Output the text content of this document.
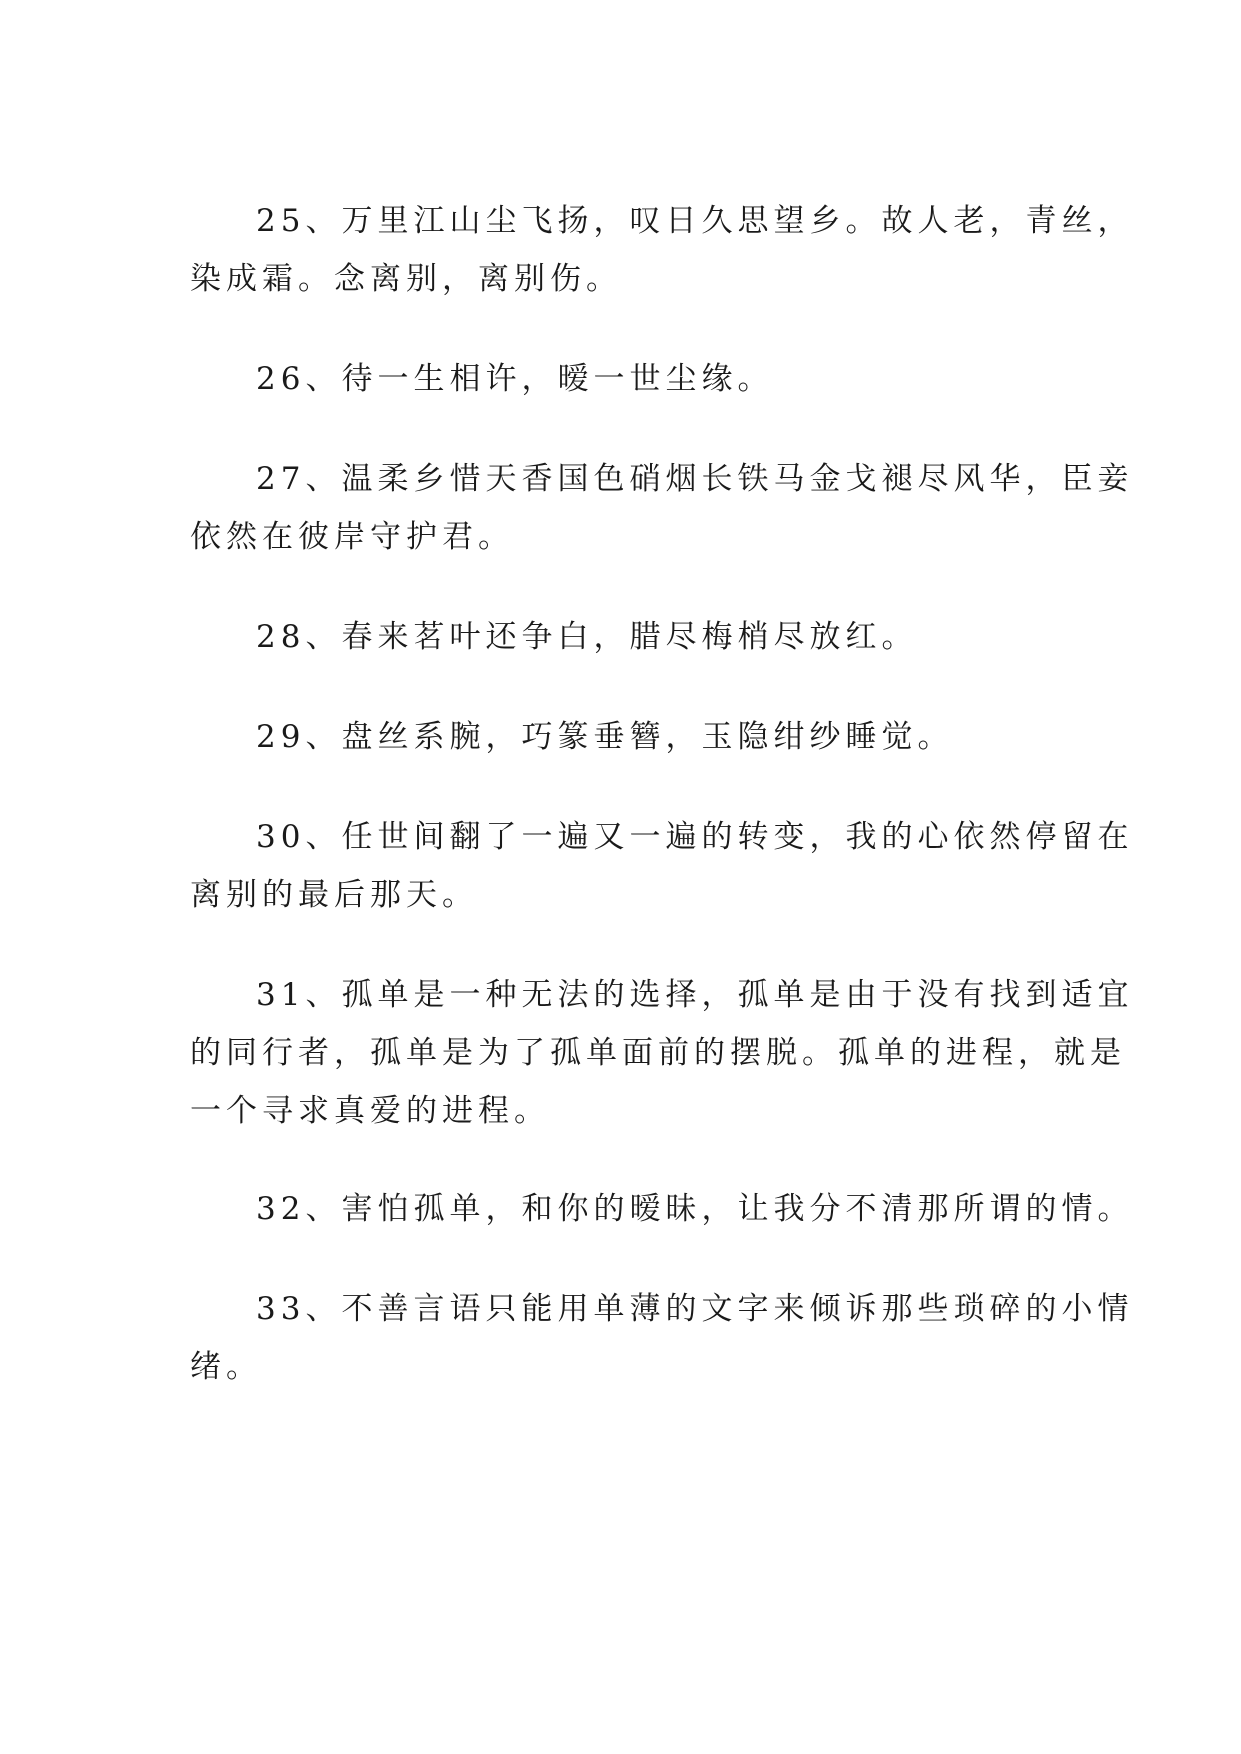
25、万里江山尘飞扬，叹日久思望乡。故人老，青丝，
染成霜。念离别，离别伤。

26、待一生相许，暧一世尘缘。

27、温柔乡惜天香国色硝烟长铁马金戈褪尽风华，臣妾
依然在彼岸守护君。

28、春来茗叶还争白，腊尽梅梢尽放红。

29、盘丝系腕，巧篆垂簪，玉隐绀纱睡觉。

30、任世间翻了一遍又一遍的转变，我的心依然停留在
离别的最后那天。

31、孤单是一种无法的选择，孤单是由于没有找到适宜
的同行者，孤单是为了孤单面前的摆脱。孤单的进程，就是
一个寻求真爱的进程。

32、害怕孤单，和你的暧昧，让我分不清那所谓的情。

33、不善言语只能用单薄的文字来倾诉那些琐碎的小情
绪。
